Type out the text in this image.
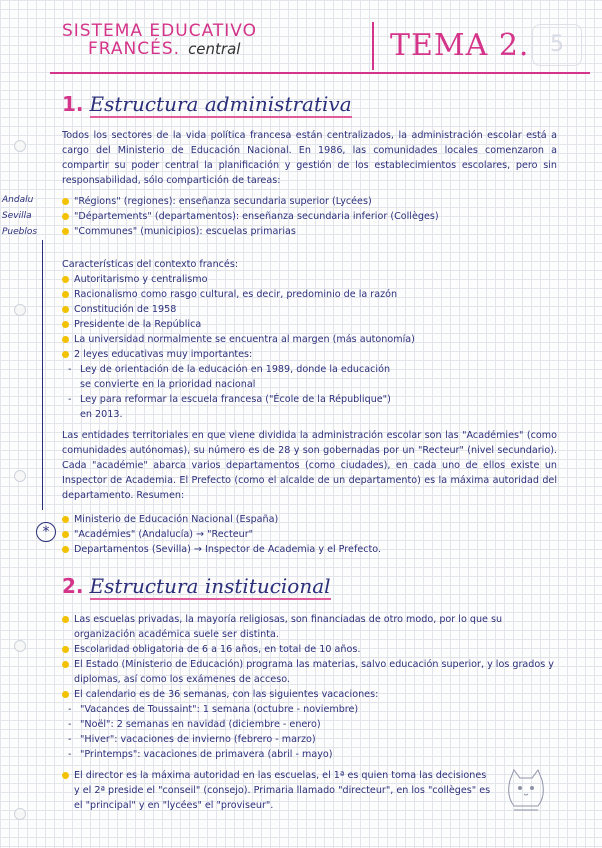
SISTEMA EDUCATIVO
FRANCÉS. central	TEMA 2. 5
1. Estructura administrativa
Todos los sectores de la vida política francesa están centralizados, la administración escolar está a cargo del Ministerio de Educación Nacional. En 1986, las comunidades locales comenzaron a compartir su poder central la planificación y gestión de los establecimientos escolares, pero sin responsabilidad, sólo compartición de tareas:
Andalu
Sevilla
Pueblos
"Régions" (regiones): enseñanza secundaria superior (Lycées)
"Départements" (departamentos): enseñanza secundaria inferior (Collèges)
"Communes" (municipios): escuelas primarias
Características del contexto francés:
Autoritarismo y centralismo
Racionalismo como rasgo cultural, es decir, predominio de la razón
Constitución de 1958
Presidente de la República
La universidad normalmente se encuentra al margen (más autonomía)
2 leyes educativas muy importantes:
- Ley de orientación de la educación en 1989, donde la educación
se convierte en la prioridad nacional
- Ley para reformar la escuela francesa ("École de la République")
en 2013.
Las entidades territoriales en que viene dividida la administración escolar son las "Académies" (como comunidades autónomas), su número es de 28 y son gobernadas por un "Recteur" (nivel secundario). Cada "académie" abarca varios departamentos (como ciudades), en cada uno de ellos existe un Inspector de Academia. El Prefecto (como el alcalde de un departamento) es la máxima autoridad del departamento. Resumen:
*
Ministerio de Educación Nacional (España)
"Académies" (Andalucía) → "Recteur"
Departamentos (Sevilla) → Inspector de Academia y el Prefecto.
2. Estructura institucional
Las escuelas privadas, la mayoría religiosas, son financiadas de otro modo, por lo que su organización académica suele ser distinta.
Escolaridad obligatoria de 6 a 16 años, en total de 10 años.
El Estado (Ministerio de Educación) programa las materias, salvo educación superior, y los grados y diplomas, así como los exámenes de acceso.
El calendario es de 36 semanas, con las siguientes vacaciones:
- "Vacances de Toussaint": 1 semana (octubre - noviembre)
- "Noël": 2 semanas en navidad (diciembre - enero)
- "Hiver": vacaciones de invierno (febrero - marzo)
- "Printemps": vacaciones de primavera (abril - mayo)
El director es la máxima autoridad en las escuelas, el 1ª es quien toma las decisiones y el 2ª preside el "conseil" (consejo). Primaria llamado "directeur", en los "collèges" es el "principal" y en "lycées" el "proviseur".
